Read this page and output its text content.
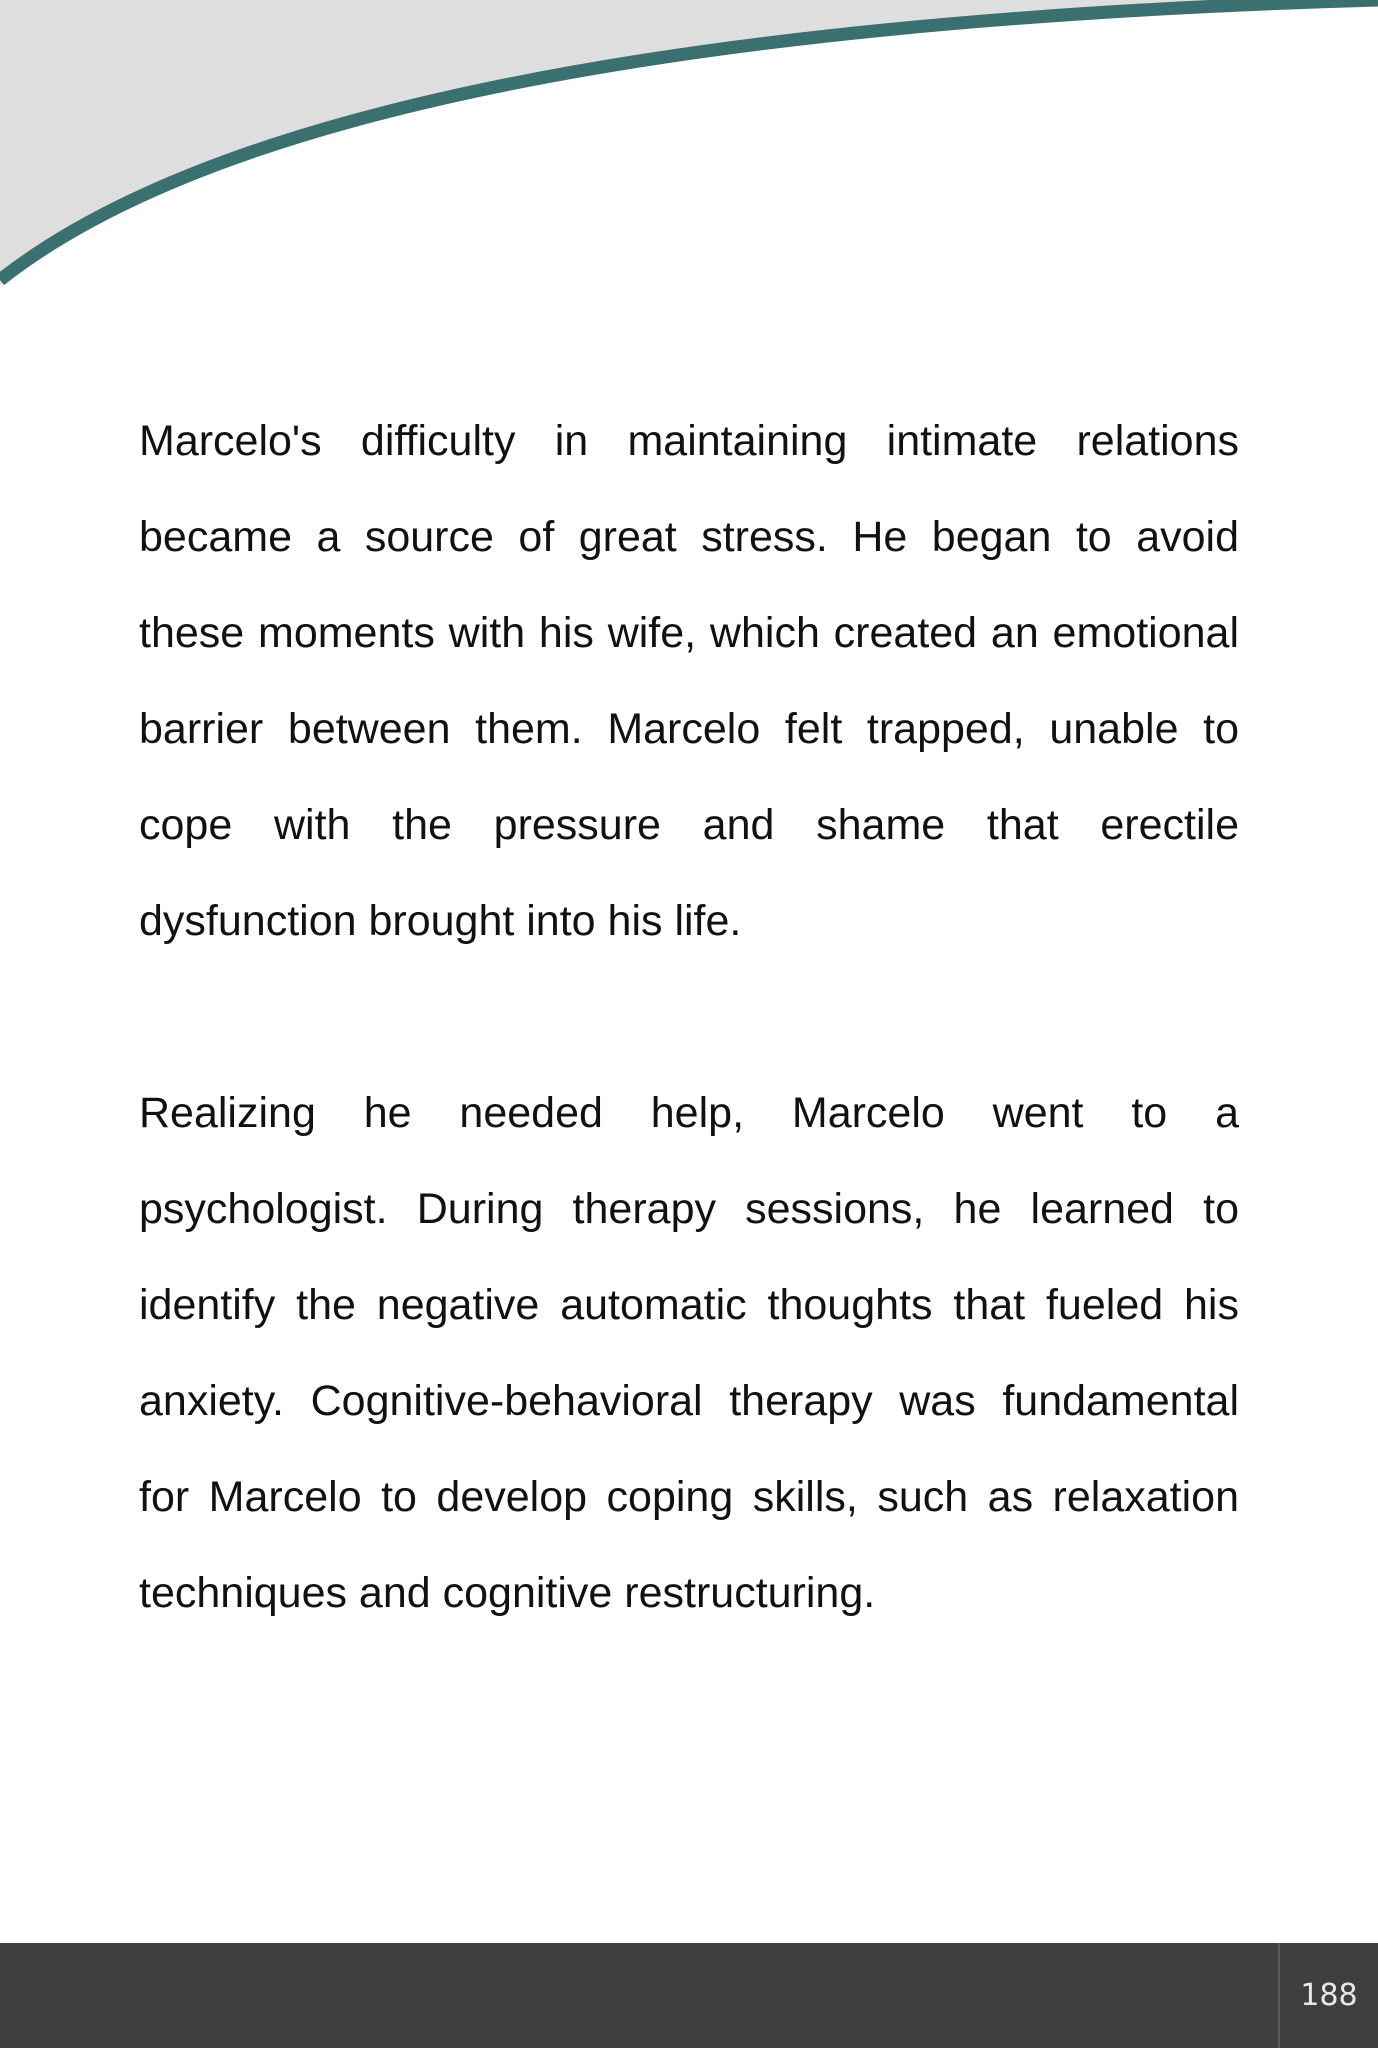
Marcelo's difficulty in maintaining intimate relations became a source of great stress. He began to avoid these moments with his wife, which created an emotional barrier between them. Marcelo felt trapped, unable to cope with the pressure and shame that erectile dysfunction brought into his life.

Realizing he needed help, Marcelo went to a psychologist. During therapy sessions, he learned to identify the negative automatic thoughts that fueled his anxiety. Cognitive-behavioral therapy was fundamental for Marcelo to develop coping skills, such as relaxation techniques and cognitive restructuring.

188
